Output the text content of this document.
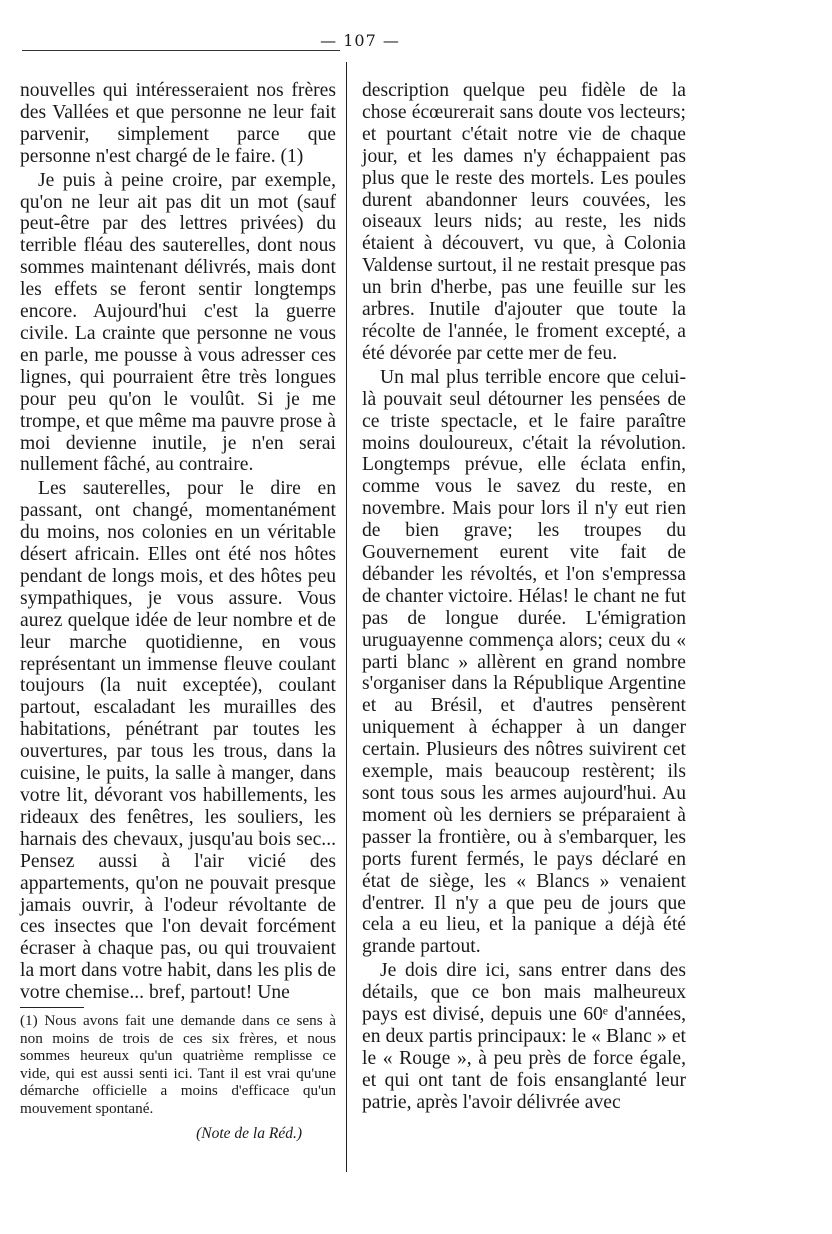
— 107 —

nouvelles qui intéresseraient nos frères des Vallées et que personne ne leur fait parvenir, simplement parce que personne n'est chargé de le faire. (1)

Je puis à peine croire, par exemple, qu'on ne leur ait pas dit un mot (sauf peut-être par des lettres privées) du terrible fléau des sauterelles, dont nous sommes maintenant délivrés, mais dont les effets se feront sentir longtemps encore. Aujourd'hui c'est la guerre civile. La crainte que personne ne vous en parle, me pousse à vous adresser ces lignes, qui pourraient être très longues pour peu qu'on le voulût. Si je me trompe, et que même ma pauvre prose à moi devienne inutile, je n'en serai nullement fâché, au contraire.

Les sauterelles, pour le dire en passant, ont changé, momentanément du moins, nos colonies en un véritable désert africain. Elles ont été nos hôtes pendant de longs mois, et des hôtes peu sympathiques, je vous assure. Vous aurez quelque idée de leur nombre et de leur marche quotidienne, en vous représentant un immense fleuve coulant toujours (la nuit exceptée), coulant partout, escaladant les murailles des habitations, pénétrant par toutes les ouvertures, par tous les trous, dans la cuisine, le puits, la salle à manger, dans votre lit, dévorant vos habillements, les rideaux des fenêtres, les souliers, les harnais des chevaux, jusqu'au bois sec... Pensez aussi à l'air vicié des appartements, qu'on ne pouvait presque jamais ouvrir, à l'odeur révoltante de ces insectes que l'on devait forcément écraser à chaque pas, ou qui trouvaient la mort dans votre habit, dans les plis de votre chemise... bref, partout! Une

(1) Nous avons fait une demande dans ce sens à non moins de trois de ces six frères, et nous sommes heureux qu'un quatrième remplisse ce vide, qui est aussi senti ici. Tant il est vrai qu'une démarche officielle a moins d'efficace qu'un mouvement spontané.

(Note de la Réd.)

description quelque peu fidèle de la chose écœurerait sans doute vos lecteurs; et pourtant c'était notre vie de chaque jour, et les dames n'y échappaient pas plus que le reste des mortels. Les poules durent abandonner leurs couvées, les oiseaux leurs nids; au reste, les nids étaient à découvert, vu que, à Colonia Valdense surtout, il ne restait presque pas un brin d'herbe, pas une feuille sur les arbres. Inutile d'ajouter que toute la récolte de l'année, le froment excepté, a été dévorée par cette mer de feu.

Un mal plus terrible encore que celui-là pouvait seul détourner les pensées de ce triste spectacle, et le faire paraître moins douloureux, c'était la révolution. Longtemps prévue, elle éclata enfin, comme vous le savez du reste, en novembre. Mais pour lors il n'y eut rien de bien grave; les troupes du Gouvernement eurent vite fait de débander les révoltés, et l'on s'empressa de chanter victoire. Hélas! le chant ne fut pas de longue durée. L'émigration uruguayenne commença alors; ceux du « parti blanc » allèrent en grand nombre s'organiser dans la République Argentine et au Brésil, et d'autres pensèrent uniquement à échapper à un danger certain. Plusieurs des nôtres suivirent cet exemple, mais beaucoup restèrent; ils sont tous sous les armes aujourd'hui. Au moment où les derniers se préparaient à passer la frontière, ou à s'embarquer, les ports furent fermés, le pays déclaré en état de siège, les « Blancs » venaient d'entrer. Il n'y a que peu de jours que cela a eu lieu, et la panique a déjà été grande partout.

Je dois dire ici, sans entrer dans des détails, que ce bon mais malheureux pays est divisé, depuis une 60ᵉ d'années, en deux partis principaux: le « Blanc » et le « Rouge », à peu près de force égale, et qui ont tant de fois ensanglanté leur patrie, après l'avoir délivrée avec
